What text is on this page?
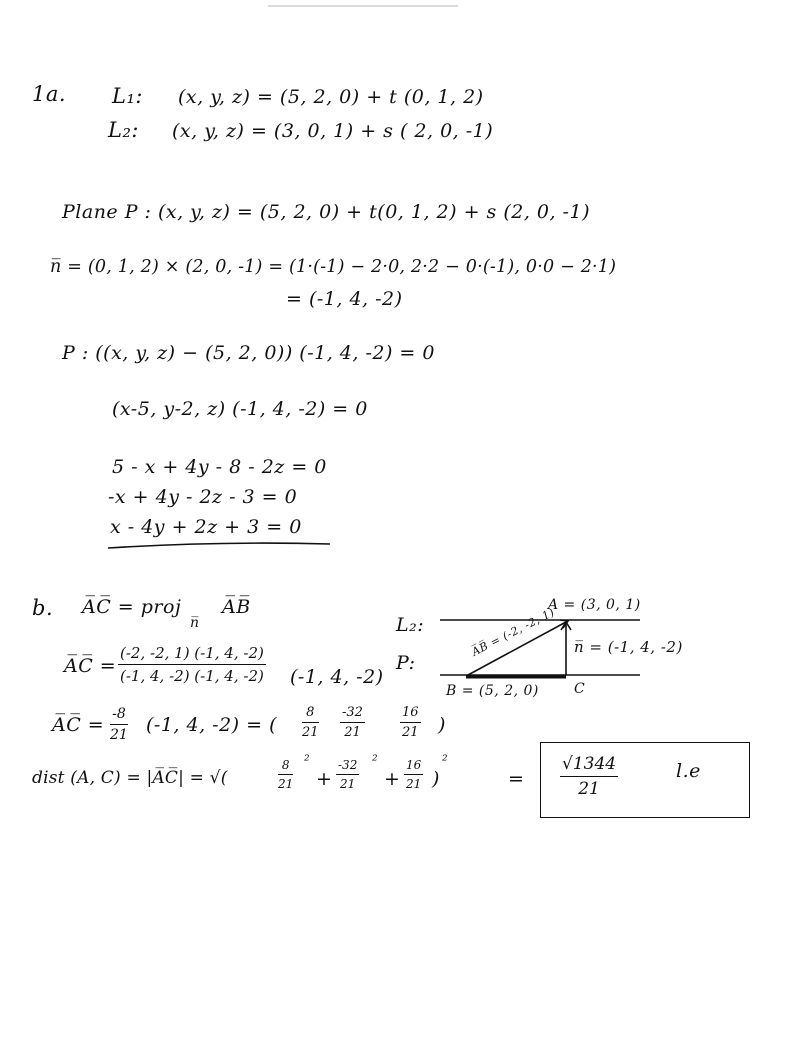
1a. L₁: (x, y, z) = (5, 2, 0) + t (0, 1, 2)
L₂: (x, y, z) = (3, 0, 1) + s ( 2, 0, -1)
Plane P : (x, y, z) = (5, 2, 0) + t(0, 1, 2) + s (2, 0, -1)
n̅ = (0, 1, 2) × (2, 0, -1) = (1·(-1) − 2·0, 2·2 − 0·(-1), 0·0 − 2·1)
= (-1, 4, -2)
P : ((x, y, z) − (5, 2, 0)) (-1, 4, -2) = 0
(x-5, y-2, z) (-1, 4, -2) = 0
5 - x + 4y - 8 - 2z = 0
-x + 4y - 2z - 3 = 0
x - 4y + 2z + 3 = 0
b. A̅C̅ = proj
n̅
A̅B̅
A̅C̅ = $\frac{(-2, -2, 1) (-1, 4, -2)}{(-1, 4, -2) (-1, 4, -2)} (-1$, 4, -2)
A̅C̅ = $\frac{-8}{21} (-1$, 4, -2) = ( $\frac{8}{21} \frac{-32}{21}$	$\frac{16}{21}$ )
dist (A, C) = |A̅C̅| = √(	$\frac{8}{21} ^2$
+ $\frac{-32}{21} ^2$
+ $\frac{16}{21}$ )
²
= $\frac{√1344}{21}$	l.e
L₂:
P:
A = (3, 0, 1)
B = (5, 2, 0)	C
A̅B̅ = (-2, -2, 1) n̅ = (-1, 4, -2)
